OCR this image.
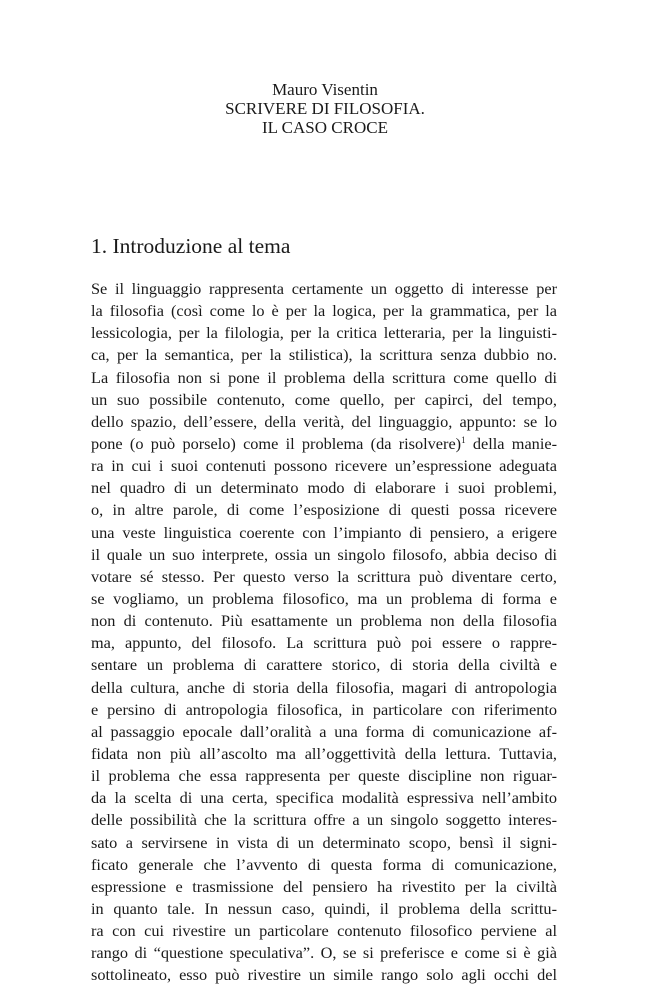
Mauro Visentin
SCRIVERE DI FILOSOFIA.
IL CASO CROCE
1. Introduzione al tema
Se il linguaggio rappresenta certamente un oggetto di interesse per
la filosofia (così come lo è per la logica, per la grammatica, per la
lessicologia, per la filologia, per la critica letteraria, per la linguisti-
ca, per la semantica, per la stilistica), la scrittura senza dubbio no.
La filosofia non si pone il problema della scrittura come quello di
un suo possibile contenuto, come quello, per capirci, del tempo,
dello spazio, dell’essere, della verità, del linguaggio, appunto: se lo
pone (o può porselo) come il problema (da risolvere)$^1$ della manie-
ra in cui i suoi contenuti possono ricevere un’espressione adeguata
nel quadro di un determinato modo di elaborare i suoi problemi,
o, in altre parole, di come l’esposizione di questi possa ricevere
una veste linguistica coerente con l’impianto di pensiero, a erigere
il quale un suo interprete, ossia un singolo filosofo, abbia deciso di
votare sé stesso. Per questo verso la scrittura può diventare certo,
se vogliamo, un problema filosofico, ma un problema di forma e
non di contenuto. Più esattamente un problema non della filosofia
ma, appunto, del filosofo. La scrittura può poi essere o rappre-
sentare un problema di carattere storico, di storia della civiltà e
della cultura, anche di storia della filosofia, magari di antropologia
e persino di antropologia filosofica, in particolare con riferimento
al passaggio epocale dall’oralità a una forma di comunicazione af-
fidata non più all’ascolto ma all’oggettività della lettura. Tuttavia,
il problema che essa rappresenta per queste discipline non riguar-
da la scelta di una certa, specifica modalità espressiva nell’ambito
delle possibilità che la scrittura offre a un singolo soggetto interes-
sato a servirsene in vista di un determinato scopo, bensì il signi-
ficato generale che l’avvento di questa forma di comunicazione,
espressione e trasmissione del pensiero ha rivestito per la civiltà
in quanto tale. In nessun caso, quindi, il problema della scrittu-
ra con cui rivestire un particolare contenuto filosofico perviene al
rango di “questione speculativa”. O, se si preferisce e come si è già
sottolineato, esso può rivestire un simile rango solo agli occhi del
